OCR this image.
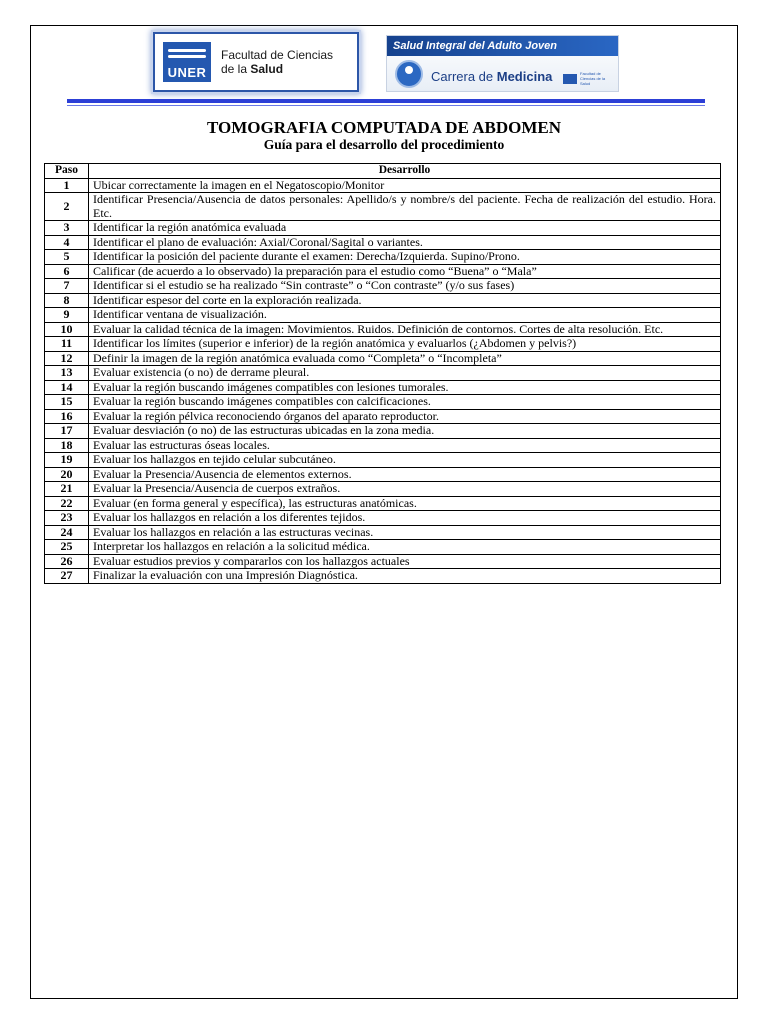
UNER
Facultad de Ciencias
de la Salud
Salud Integral del Adulto Joven
Carrera de Medicina	Facultad de Ciencias de la Salud
TOMOGRAFIA COMPUTADA DE ABDOMEN
Guía para el desarrollo del procedimiento
Paso	Desarrollo
1	Ubicar correctamente la imagen en el Negatoscopio/Monitor
2	Identificar Presencia/Ausencia de datos personales: Apellido/s y nombre/s del paciente. Fecha de realización del estudio. Hora. Etc.
3	Identificar la región anatómica evaluada
4	Identificar el plano de evaluación: Axial/Coronal/Sagital o variantes.
5	Identificar la posición del paciente durante el examen: Derecha/Izquierda. Supino/Prono.
6	Calificar (de acuerdo a lo observado) la preparación para el estudio como “Buena” o “Mala”
7	Identificar si el estudio se ha realizado “Sin contraste” o “Con contraste” (y/o sus fases)
8	Identificar espesor del corte en la exploración realizada.
9	Identificar ventana de visualización.
10	Evaluar la calidad técnica de la imagen: Movimientos. Ruidos. Definición de contornos. Cortes de alta resolución. Etc.
11	Identificar los límites (superior e inferior) de la región anatómica y evaluarlos (¿Abdomen y pelvis?)
12	Definir la imagen de la región anatómica evaluada como “Completa” o “Incompleta”
13	Evaluar existencia (o no) de derrame pleural.
14	Evaluar la región buscando imágenes compatibles con lesiones tumorales.
15	Evaluar la región buscando imágenes compatibles con calcificaciones.
16	Evaluar la región pélvica reconociendo órganos del aparato reproductor.
17	Evaluar desviación (o no) de las estructuras ubicadas en la zona media.
18	Evaluar las estructuras óseas locales.
19	Evaluar los hallazgos en tejido celular subcutáneo.
20	Evaluar la Presencia/Ausencia de elementos externos.
21	Evaluar la Presencia/Ausencia de cuerpos extraños.
22	Evaluar (en forma general y específica), las estructuras anatómicas.
23	Evaluar los hallazgos en relación a los diferentes tejidos.
24	Evaluar los hallazgos en relación a las estructuras vecinas.
25	Interpretar los hallazgos en relación a la solicitud médica.
26	Evaluar estudios previos y compararlos con los hallazgos actuales
27	Finalizar la evaluación con una Impresión Diagnóstica.
